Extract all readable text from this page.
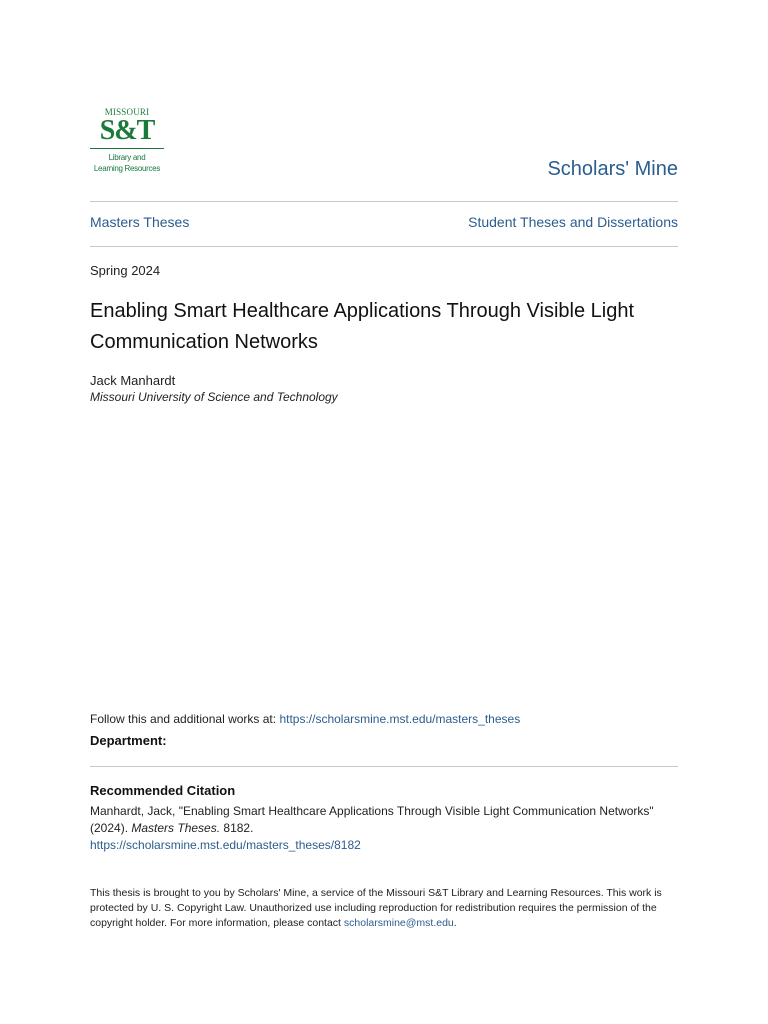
MISSOURI
S&T
Library and
Learning Resources	Scholars' Mine
Masters Theses	Student Theses and Dissertations
Spring 2024
Enabling Smart Healthcare Applications Through Visible Light Communication Networks
Jack Manhardt
Missouri University of Science and Technology
Follow this and additional works at: https://scholarsmine.mst.edu/masters_theses
Department:
Recommended Citation
Manhardt, Jack, "Enabling Smart Healthcare Applications Through Visible Light Communication Networks" (2024). Masters Theses. 8182.
https://scholarsmine.mst.edu/masters_theses/8182
This thesis is brought to you by Scholars' Mine, a service of the Missouri S&T Library and Learning Resources. This work is protected by U. S. Copyright Law. Unauthorized use including reproduction for redistribution requires the permission of the copyright holder. For more information, please contact scholarsmine@mst.edu.
